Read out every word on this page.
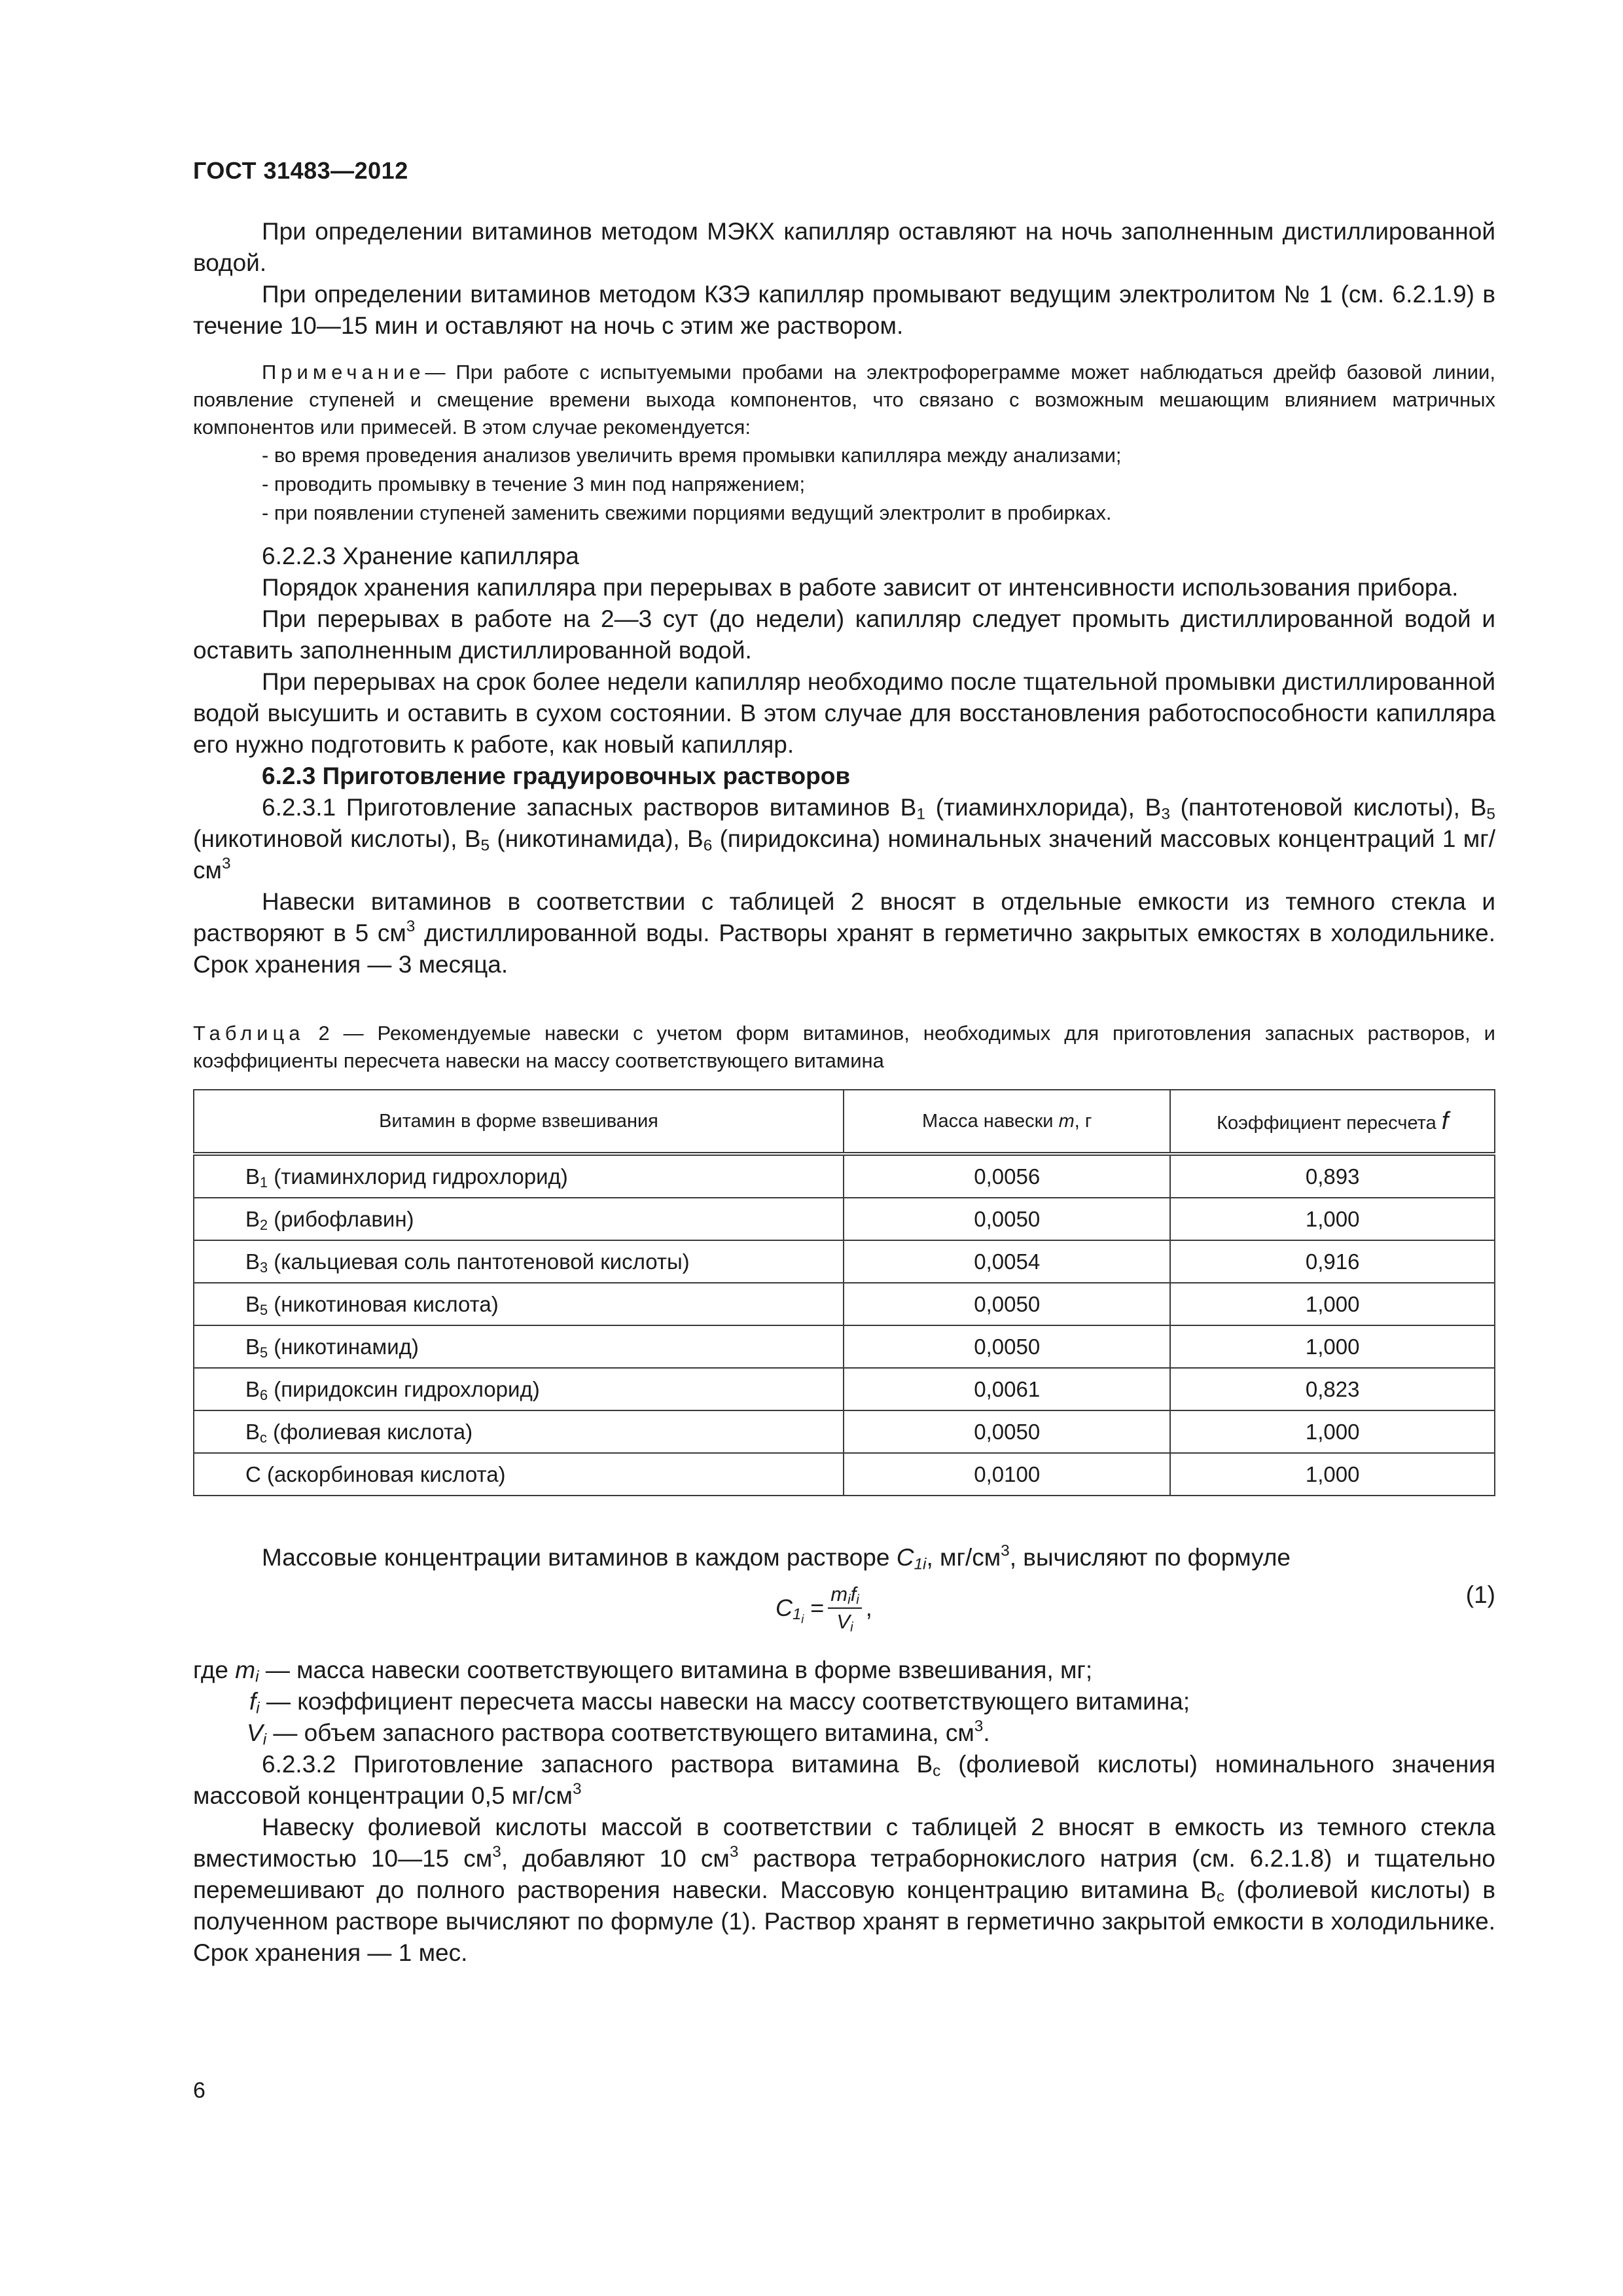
ГОСТ 31483—2012

При определении витаминов методом МЭКХ капилляр оставляют на ночь заполненным дистиллированной водой.

При определении витаминов методом КЗЭ капилляр промывают ведущим электролитом № 1 (см. 6.2.1.9) в течение 10—15 мин и оставляют на ночь с этим же раствором.

Примечание— При работе с испытуемыми пробами на электрофореграмме может наблюдаться дрейф базовой линии, появление ступеней и смещение времени выхода компонентов, что связано с возможным мешающим влиянием матричных компонентов или примесей. В этом случае рекомендуется:

- во время проведения анализов увеличить время промывки капилляра между анализами;

- проводить промывку в течение 3 мин под напряжением;

- при появлении ступеней заменить свежими порциями ведущий электролит в пробирках.

6.2.2.3 Хранение капилляра

Порядок хранения капилляра при перерывах в работе зависит от интенсивности использования прибора.

При перерывах в работе на 2—3 сут (до недели) капилляр следует промыть дистиллированной водой и оставить заполненным дистиллированной водой.

При перерывах на срок более недели капилляр необходимо после тщательной промывки дистиллированной водой высушить и оставить в сухом состоянии. В этом случае для восстановления работоспособности капилляра его нужно подготовить к работе, как новый капилляр.

6.2.3 Приготовление градуировочных растворов

6.2.3.1 Приготовление запасных растворов витаминов $В_1$ (тиаминхлорида), $В_3$ (пантотеновой кислоты), $В_5$ (никотиновой кислоты), $В_5$ (никотинамида), $В_6$ (пиридоксина) номинальных значений массовых концентраций 1 $мг/см^3$

Навески витаминов в соответствии с таблицей 2 вносят в отдельные емкости из темного стекла и растворяют в 5 $см^3$ дистиллированной воды. Растворы хранят в герметично закрытых емкостях в холодильнике. Срок хранения — 3 месяца.

Таблица 2 — Рекомендуемые навески с учетом форм витаминов, необходимых для приготовления запасных растворов, и коэффициенты пересчета навески на массу соответствующего витамина

Витамин в форме взвешивания	Масса навески m, г	Коэффициент пересчета f
$B_1$ (тиаминхлорид гидрохлорид)	0,0056	0,893
$B_2$ (рибофлавин)	0,0050	1,000
$B_3$ (кальциевая соль пантотеновой кислоты)	0,0054	0,916
$B_5$ (никотиновая кислота)	0,0050	1,000
$B_5$ (никотинамид)	0,0050	1,000
$B_6$ (пиридоксин гидрохлорид)	0,0061	0,823
$B_c$ (фолиевая кислота)	0,0050	1,000
C (аскорбиновая кислота)	0,0100	1,000

Массовые концентрации витаминов в каждом растворе $C_{1i}$, $мг/см^3$, вычисляют по формуле

$C_{1i} = \frac{m_if_i}{V_i}$ ,	(1)

где $m_i$ — масса навески соответствующего витамина в форме взвешивания, мг;

$f_i$ — коэффициент пересчета массы навески на массу соответствующего витамина;

$V_i$ — объем запасного раствора соответствующего витамина, $см^3$.

6.2.3.2 Приготовление запасного раствора витамина $В_c$ (фолиевой кислоты) номинального значения массовой концентрации 0,5 $мг/см^3$

Навеску фолиевой кислоты массой в соответствии с таблицей 2 вносят в емкость из темного стекла вместимостью 10—15 $см^3$, добавляют 10 $см^3$ раствора тетраборнокислого натрия (см. 6.2.1.8) и тщательно перемешивают до полного растворения навески. Массовую концентрацию витамина $В_c$ (фолиевой кислоты) в полученном растворе вычисляют по формуле (1). Раствор хранят в герметично закрытой емкости в холодильнике. Срок хранения — 1 мес.

6
